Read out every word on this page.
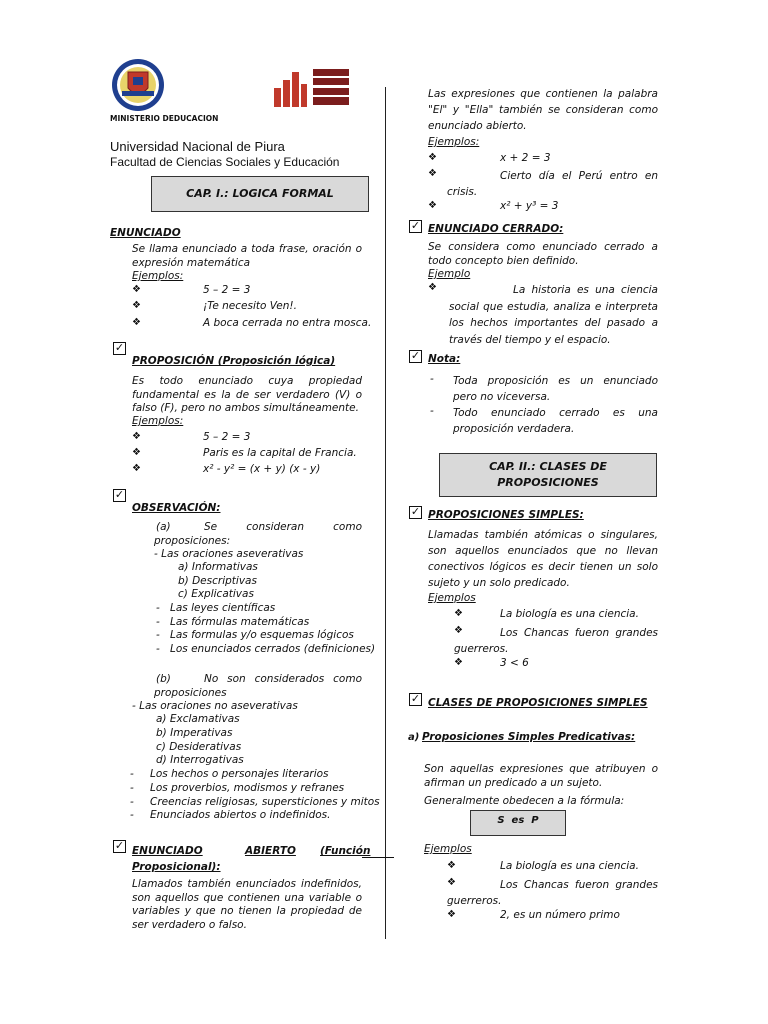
MINISTERIO DEDUCACION
Universidad Nacional de Piura
Facultad de Ciencias Sociales y Educación
CAP. I.: LOGICA FORMAL
ENUNCIADO
Se llama enunciado a toda frase, oración o expresión matemática
Ejemplos:
❖	5 – 2 = 3
❖	¡Te necesito Ven!.
❖	A boca cerrada no entra mosca.
✓
PROPOSICIÓN (Proposición lógica)
Es todo enunciado cuya propiedad fundamental es la de ser verdadero (V) o falso (F), pero no ambos simultáneamente.
Ejemplos:
❖	5 – 2 = 3
❖	Paris es la capital de Francia.
❖	x² - y² = (x + y) (x - y)
✓
OBSERVACIÓN:
(a)	Se consideran como proposiciones:
- Las oraciones aseverativas
a) Informativas
b) Descriptivas
c) Explicativas
- Las leyes científicas
- Las fórmulas matemáticas
- Las formulas y/o esquemas lógicos
- Los enunciados cerrados (definiciones)
(b)	No son considerados como proposiciones
- Las oraciones no aseverativas
a) Exclamativas
b) Imperativas
c) Desiderativas
d) Interrogativas
- Los hechos o personajes literarios
- Los proverbios, modismos y refranes
- Creencias religiosas, supersticiones y mitos
- Enunciados abiertos o indefinidos.
✓ ENUNCIADO	ABIERTO (Función
Proposicional):
Llamados también enunciados indefinidos, son aquellos que contienen una variable o variables y que no tienen la propiedad de ser verdadero o falso.
Las expresiones que contienen la palabra "El" y "Ella" también se consideran como enunciado abierto.
Ejemplos:
❖	x + 2 = 3
❖	Cierto día el Perú entro en crisis.
❖	x² + y³ = 3
✓ ENUNCIADO CERRADO:
Se considera como enunciado cerrado a todo concepto bien definido.
Ejemplo
❖	La historia es una ciencia social que estudia, analiza e interpreta los hechos importantes del pasado a través del tiempo y el espacio.
✓ Nota:
- Toda proposición es un enunciado pero no viceversa.
- Todo enunciado cerrado es una proposición verdadera.
CAP. II.: CLASES DE PROPOSICIONES
✓ PROPOSICIONES SIMPLES:
Llamadas también atómicas o singulares, son aquellos enunciados que no llevan conectivos lógicos es decir tienen un solo sujeto y un solo predicado.
Ejemplos
❖	La biología es una ciencia.
❖	Los Chancas fueron grandes guerreros.
❖	3 < 6
✓ CLASES DE PROPOSICIONES SIMPLES
a) Proposiciones Simples Predicativas:
Son aquellas expresiones que atribuyen o afirman un predicado a un sujeto.
Generalmente obedecen a la fórmula:
S  es  P
Ejemplos
❖	La biología es una ciencia.
❖	Los Chancas fueron grandes guerreros.
❖	2, es un número primo
